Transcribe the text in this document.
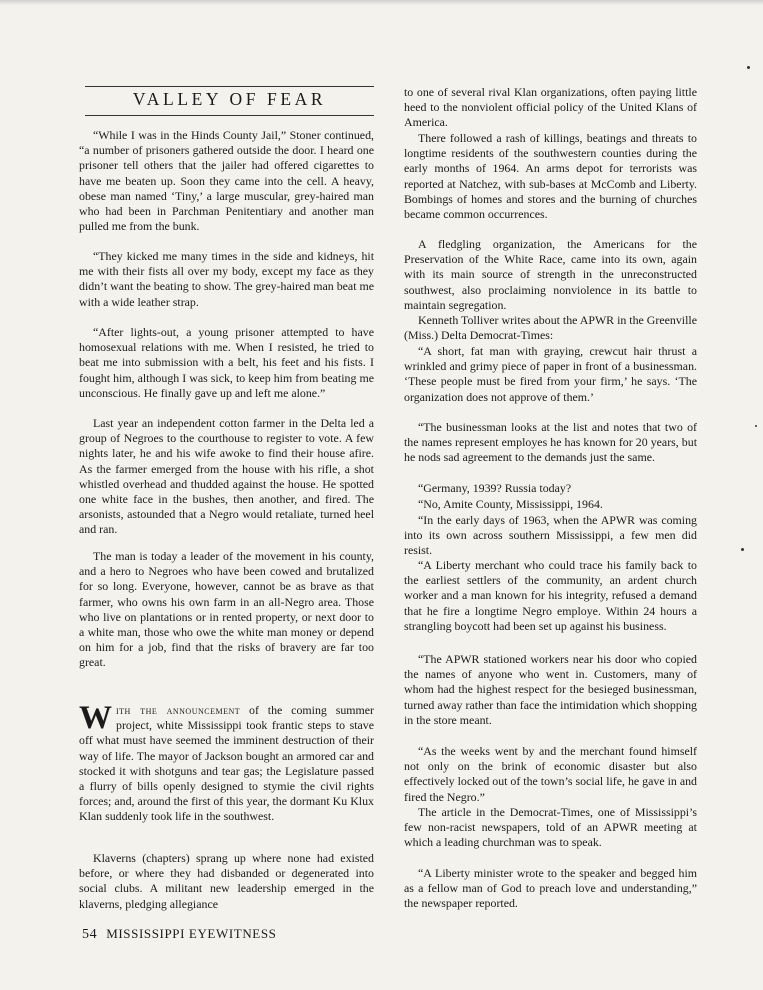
VALLEY OF FEAR

“While I was in the Hinds County Jail,” Stoner continued, “a number of prisoners gathered outside the door. I heard one prisoner tell others that the jailer had offered cigarettes to have me beaten up. Soon they came into the cell. A heavy, obese man named ‘Tiny,’ a large muscular, grey-haired man who had been in Parchman Penitentiary and another man pulled me from the bunk.

“They kicked me many times in the side and kidneys, hit me with their fists all over my body, except my face as they didn’t want the beating to show. The grey-haired man beat me with a wide leather strap.

“After lights-out, a young prisoner attempted to have homosexual relations with me. When I resisted, he tried to beat me into submission with a belt, his feet and his fists. I fought him, although I was sick, to keep him from beating me unconscious. He finally gave up and left me alone.”

Last year an independent cotton farmer in the Delta led a group of Negroes to the courthouse to register to vote. A few nights later, he and his wife awoke to find their house afire. As the farmer emerged from the house with his rifle, a shot whistled overhead and thudded against the house. He spotted one white face in the bushes, then another, and fired. The arsonists, astounded that a Negro would retaliate, turned heel and ran.

The man is today a leader of the movement in his county, and a hero to Negroes who have been cowed and brutalized for so long. Everyone, however, cannot be as brave as that farmer, who owns his own farm in an all-Negro area. Those who live on plantations or in rented property, or next door to a white man, those who owe the white man money or depend on him for a job, find that the risks of bravery are far too great.

With the announcement of the coming summer project, white Mississippi took frantic steps to stave off what must have seemed the imminent destruction of their way of life. The mayor of Jackson bought an armored car and stocked it with shotguns and tear gas; the Legislature passed a flurry of bills openly designed to stymie the civil rights forces; and, around the first of this year, the dormant Ku Klux Klan suddenly took life in the southwest.

Klaverns (chapters) sprang up where none had existed before, or where they had disbanded or degenerated into social clubs. A militant new leadership emerged in the klaverns, pledging allegiance

to one of several rival Klan organizations, often paying little heed to the nonviolent official policy of the United Klans of America.

There followed a rash of killings, beatings and threats to longtime residents of the southwestern counties during the early months of 1964. An arms depot for terrorists was reported at Natchez, with sub-bases at McComb and Liberty. Bombings of homes and stores and the burning of churches became common occurrences.

A fledgling organization, the Americans for the Preservation of the White Race, came into its own, again with its main source of strength in the unreconstructed southwest, also proclaiming nonviolence in its battle to maintain segregation.

Kenneth Tolliver writes about the APWR in the Greenville (Miss.) Delta Democrat-Times:

“A short, fat man with graying, crewcut hair thrust a wrinkled and grimy piece of paper in front of a businessman. ‘These people must be fired from your firm,’ he says. ‘The organization does not approve of them.’

“The businessman looks at the list and notes that two of the names represent employes he has known for 20 years, but he nods sad agreement to the demands just the same.

“Germany, 1939? Russia today?

“No, Amite County, Mississippi, 1964.

“In the early days of 1963, when the APWR was coming into its own across southern Mississippi, a few men did resist.

“A Liberty merchant who could trace his family back to the earliest settlers of the community, an ardent church worker and a man known for his integrity, refused a demand that he fire a longtime Negro employe. Within 24 hours a strangling boycott had been set up against his business.

“The APWR stationed workers near his door who copied the names of anyone who went in. Customers, many of whom had the highest respect for the besieged businessman, turned away rather than face the intimidation which shopping in the store meant.

“As the weeks went by and the merchant found himself not only on the brink of economic disaster but also effectively locked out of the town’s social life, he gave in and fired the Negro.”

The article in the Democrat-Times, one of Mississippi’s few non-racist newspapers, told of an APWR meeting at which a leading churchman was to speak.

“A Liberty minister wrote to the speaker and begged him as a fellow man of God to preach love and understanding,” the newspaper reported.

54 MISSISSIPPI EYEWITNESS
